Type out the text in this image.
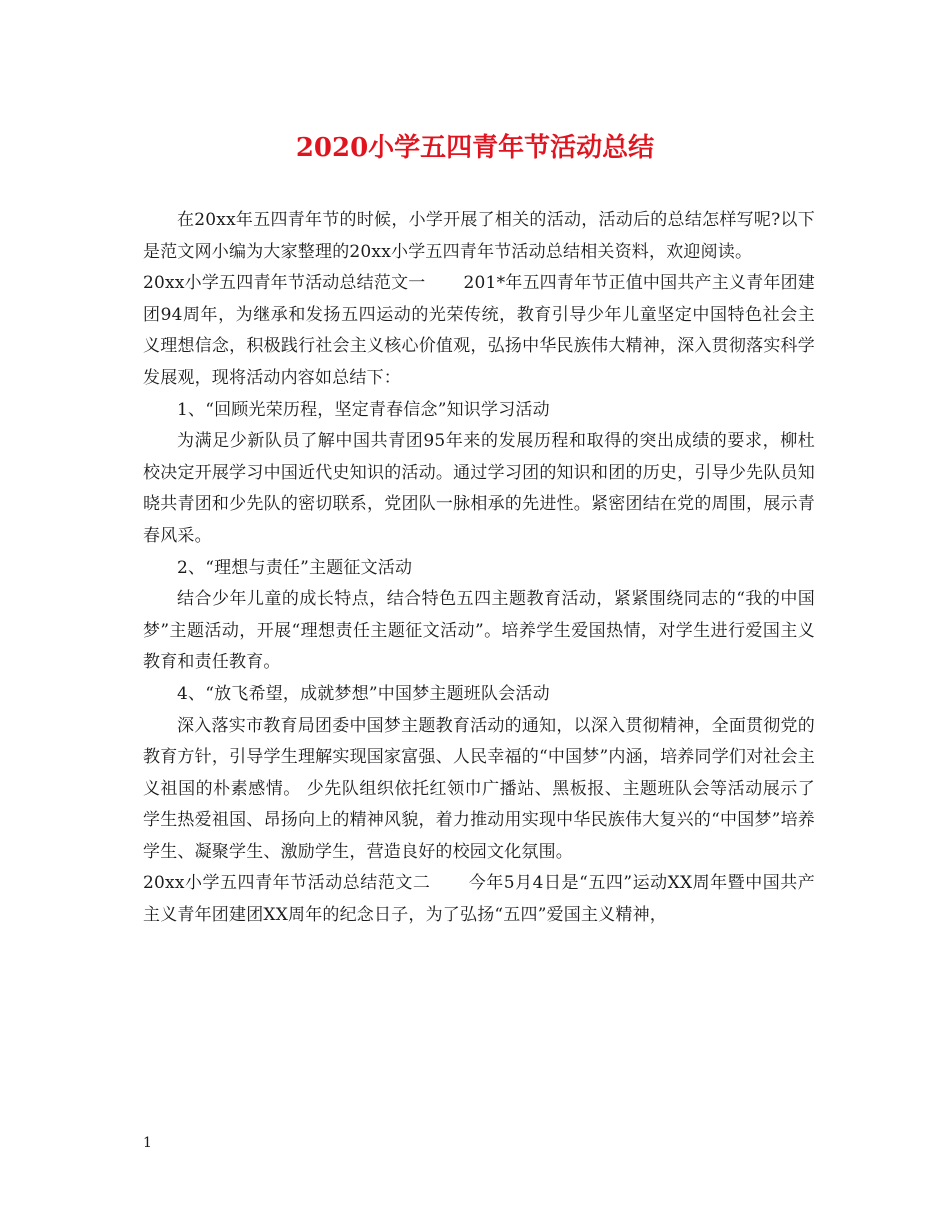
2020小学五四青年节活动总结

在20xx年五四青年节的时候，小学开展了相关的活动，活动后的总结怎样写呢?以下是范文网小编为大家整理的20xx小学五四青年节活动总结相关资料，欢迎阅读。

20xx小学五四青年节活动总结范文一 201*年五四青年节正值中国共产主义青年团建团94周年，为继承和发扬五四运动的光荣传统，教育引导少年儿童坚定中国特色社会主义理想信念，积极践行社会主义核心价值观，弘扬中华民族伟大精神，深入贯彻落实科学发展观，现将活动内容如总结下：

1、“回顾光荣历程，坚定青春信念”知识学习活动

为满足少新队员了解中国共青团95年来的发展历程和取得的突出成绩的要求，柳杜校决定开展学习中国近代史知识的活动。通过学习团的知识和团的历史，引导少先队员知晓共青团和少先队的密切联系，党团队一脉相承的先进性。紧密团结在党的周围，展示青春风采。

2、“理想与责任”主题征文活动

结合少年儿童的成长特点，结合特色五四主题教育活动，紧紧围绕同志的“我的中国梦”主题活动，开展“理想责任主题征文活动”。培养学生爱国热情，对学生进行爱国主义教育和责任教育。

4、“放飞希望，成就梦想”中国梦主题班队会活动

深入落实市教育局团委中国梦主题教育活动的通知，以深入贯彻精神，全面贯彻党的教育方针，引导学生理解实现国家富强、人民幸福的“中国梦”内涵，培养同学们对社会主义祖国的朴素感情。 少先队组织依托红领巾广播站、黑板报、主题班队会等活动展示了学生热爱祖国、昂扬向上的精神风貌，着力推动用实现中华民族伟大复兴的“中国梦”培养学生、凝聚学生、激励学生，营造良好的校园文化氛围。

20xx小学五四青年节活动总结范文二 今年5月4日是“五四”运动XX周年暨中国共产主义青年团建团XX周年的纪念日子，为了弘扬“五四”爱国主义精神，

1
